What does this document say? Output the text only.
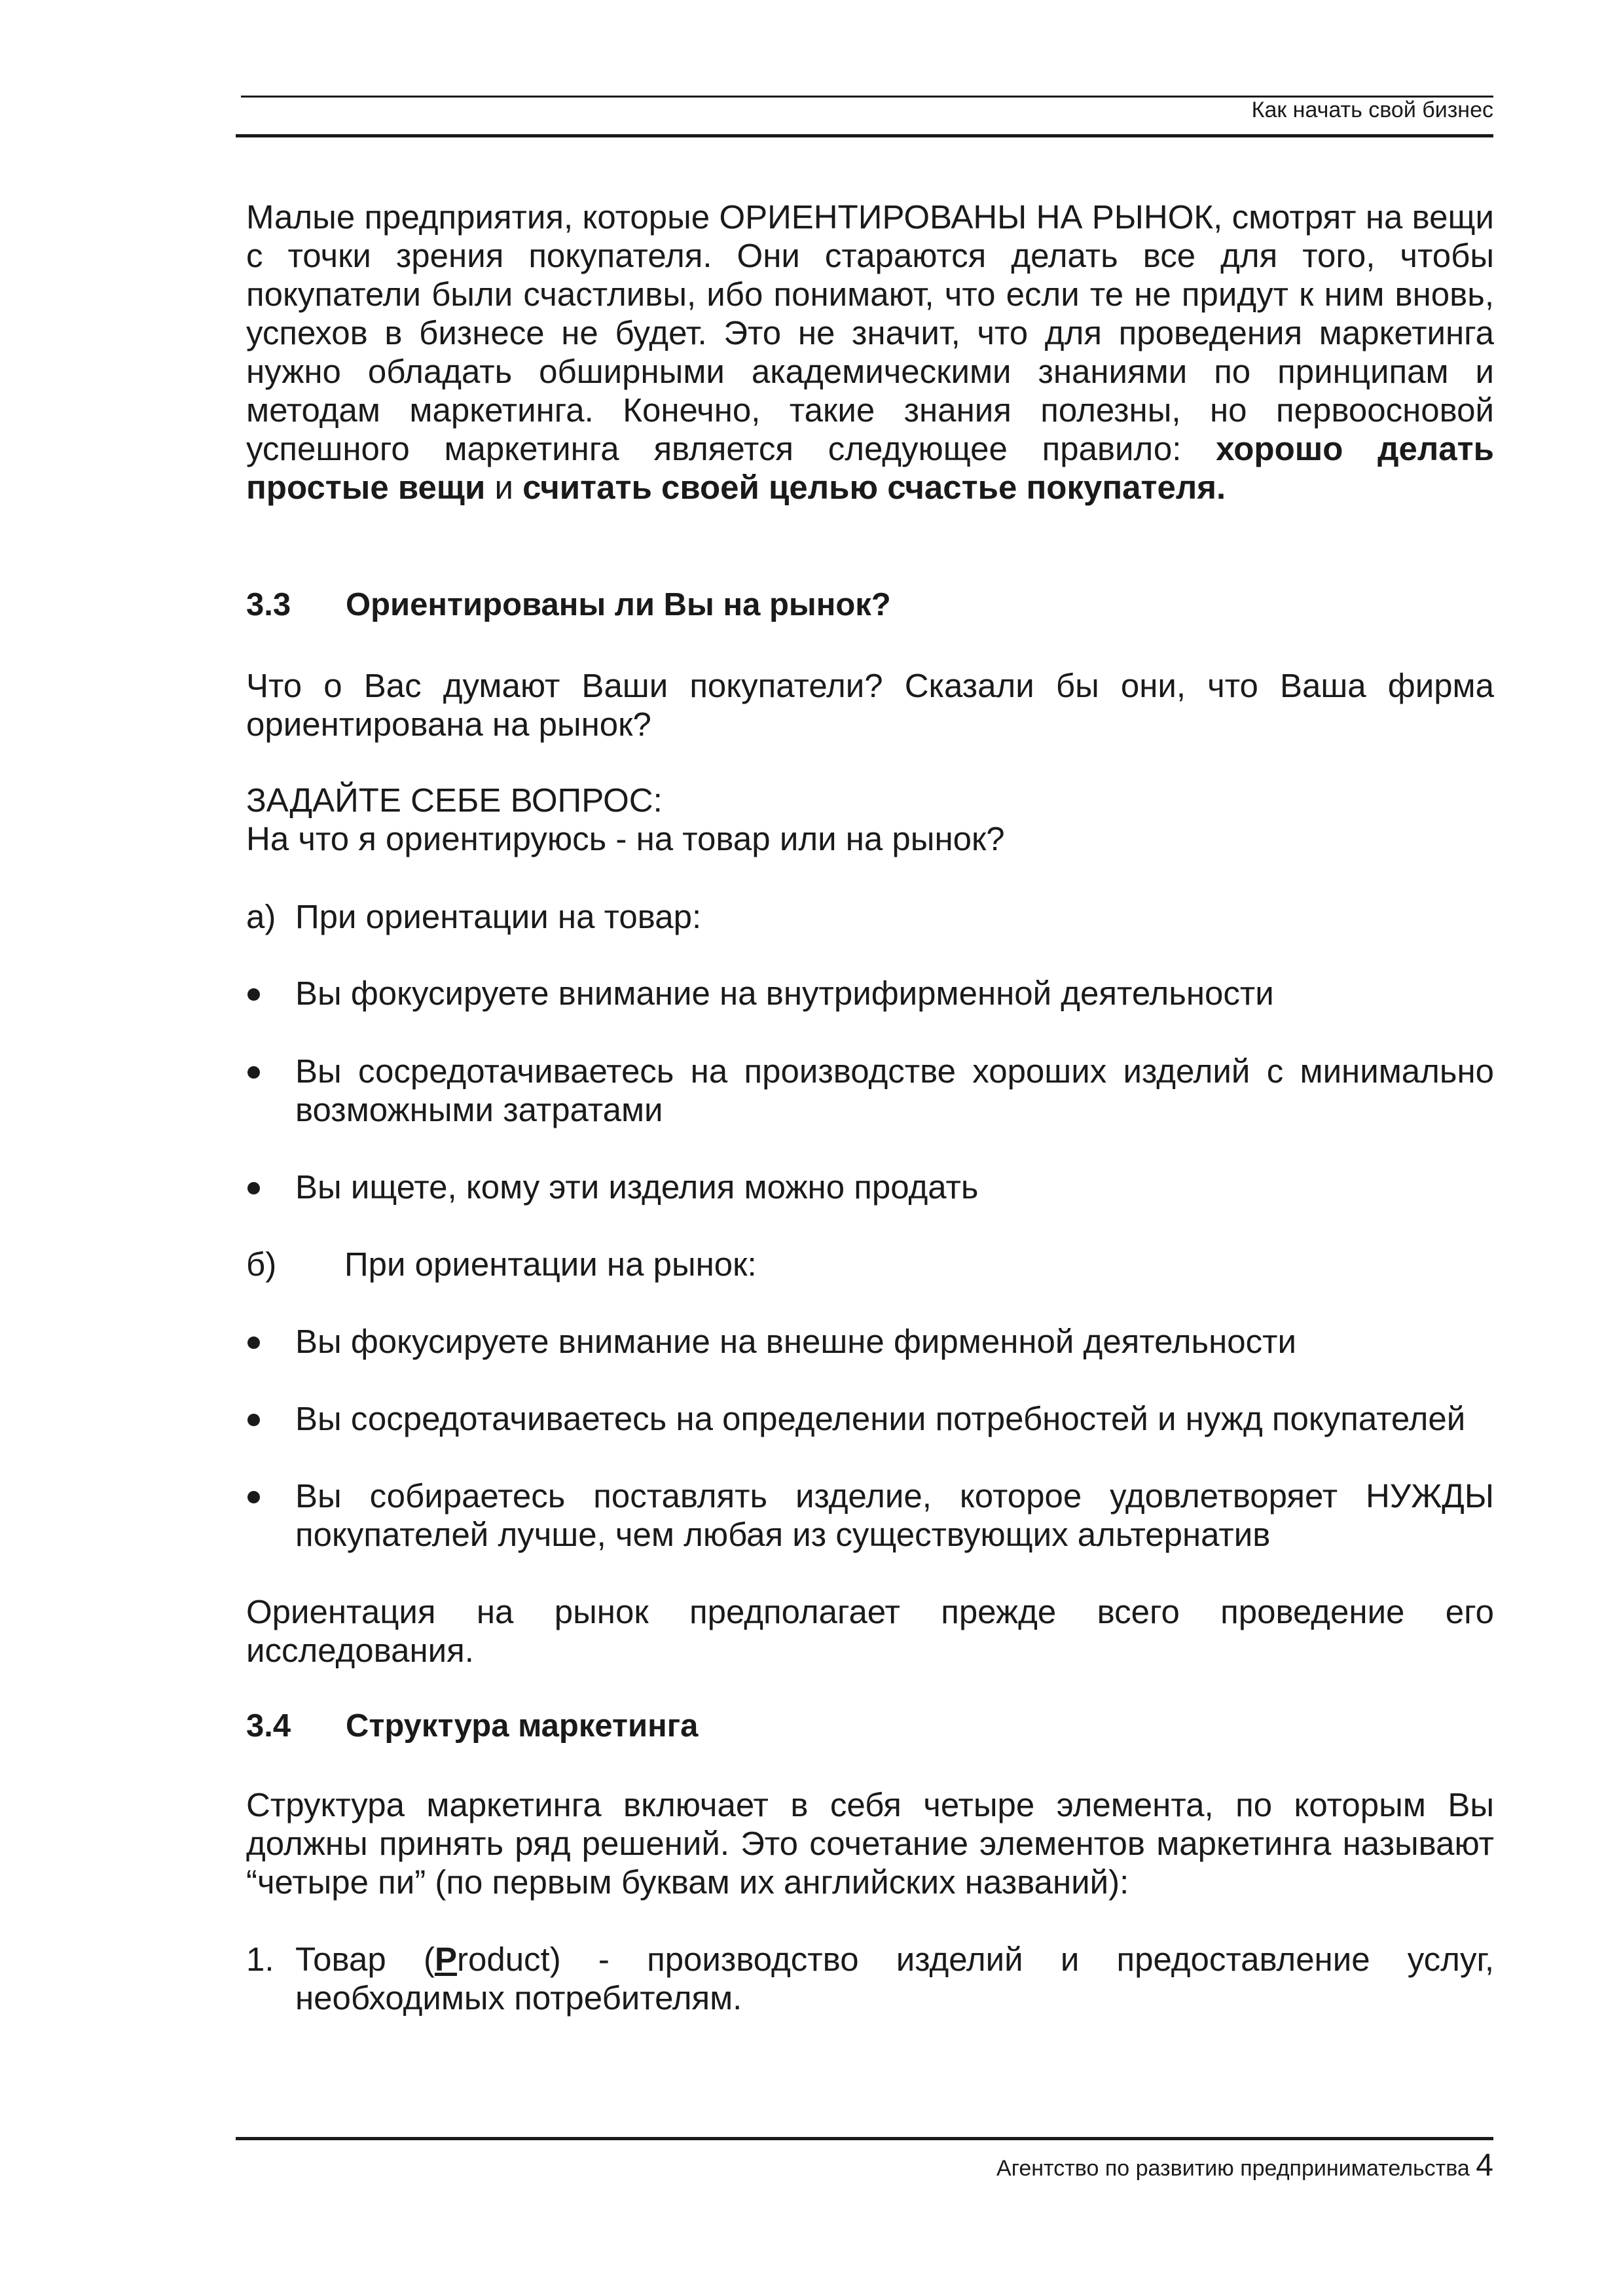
Как начать свой бизнес
Малые предприятия, которые ОРИЕНТИРОВАНЫ НА РЫНОК, смотрят на вещи
с точки зрения покупателя. Они стараются делать все для того, чтобы
покупатели были счастливы, ибо понимают, что если те не придут к ним вновь,
успехов в бизнесе не будет. Это не значит, что для проведения маркетинга
нужно обладать обширными академическими знаниями по принципам и
методам маркетинга. Конечно, такие знания полезны, но первоосновой
успешного маркетинга является следующее правило: хорошо делать простые вещи и считать своей целью счастье покупателя.
3.3 Ориентированы ли Вы на рынок?
Что о Вас думают Ваши покупатели? Сказали бы они, что Ваша фирма ориентирована на рынок?
ЗАДАЙТЕ СЕБЕ ВОПРОС:
На что я ориентируюсь - на товар или на рынок?
а) При ориентации на товар:
Вы фокусируете внимание на внутрифирменной деятельности
Вы сосредотачиваетесь на производстве хороших изделий с минимально возможными затратами
Вы ищете, кому эти изделия можно продать
б) При ориентации на рынок:
Вы фокусируете внимание на внешне фирменной деятельности
Вы сосредотачиваетесь на определении потребностей и нужд покупателей
Вы собираетесь поставлять изделие, которое удовлетворяет НУЖДЫ покупателей лучше, чем любая из существующих альтернатив
Ориентация на рынок предполагает прежде всего проведение его исследования.
3.4 Структура маркетинга
Структура маркетинга включает в себя четыре элемента, по которым Вы должны принять ряд решений. Это сочетание элементов маркетинга называют “четыре пи” (по первым буквам их английских названий):
1. Товар (Product) - производство изделий и предоставление услуг, необходимых потребителям.
Агентство по развитию предпринимательства 4
